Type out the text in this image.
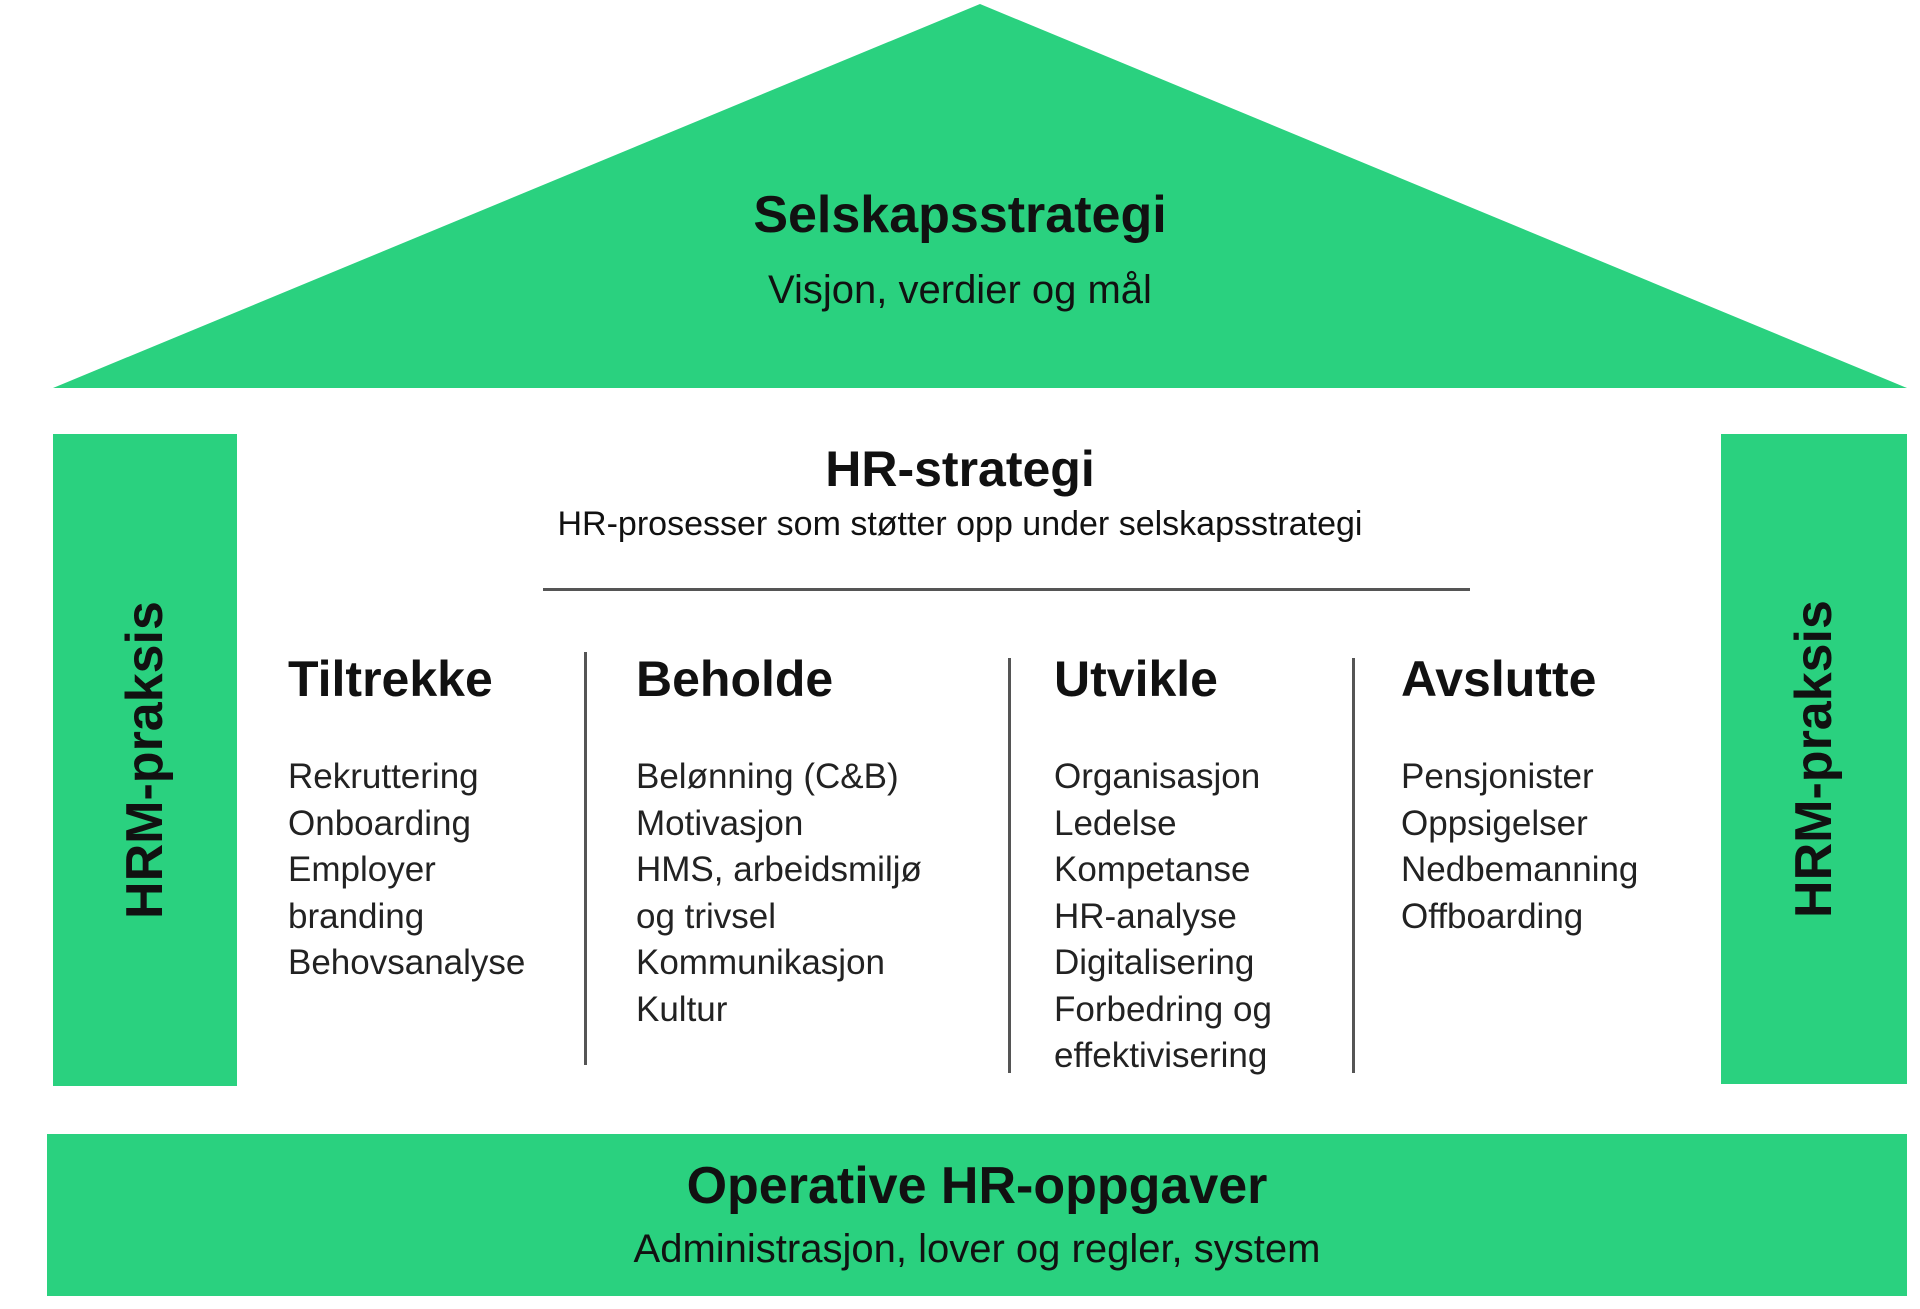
Selskapsstrategi
Visjon, verdier og mål
HRM-praksis	HRM-praksis
HR-strategi
HR-prosesser som støtter opp under selskapsstrategi
Tiltrekke
Rekruttering
Onboarding
Employer
branding
Behovsanalyse
Beholde
Belønning (C&B)
Motivasjon
HMS, arbeidsmiljø
og trivsel
Kommunikasjon
Kultur
Utvikle
Organisasjon
Ledelse
Kompetanse
HR-analyse
Digitalisering
Forbedring og
effektivisering
Avslutte
Pensjonister
Oppsigelser
Nedbemanning
Offboarding
Operative HR-oppgaver
Administrasjon, lover og regler, system
